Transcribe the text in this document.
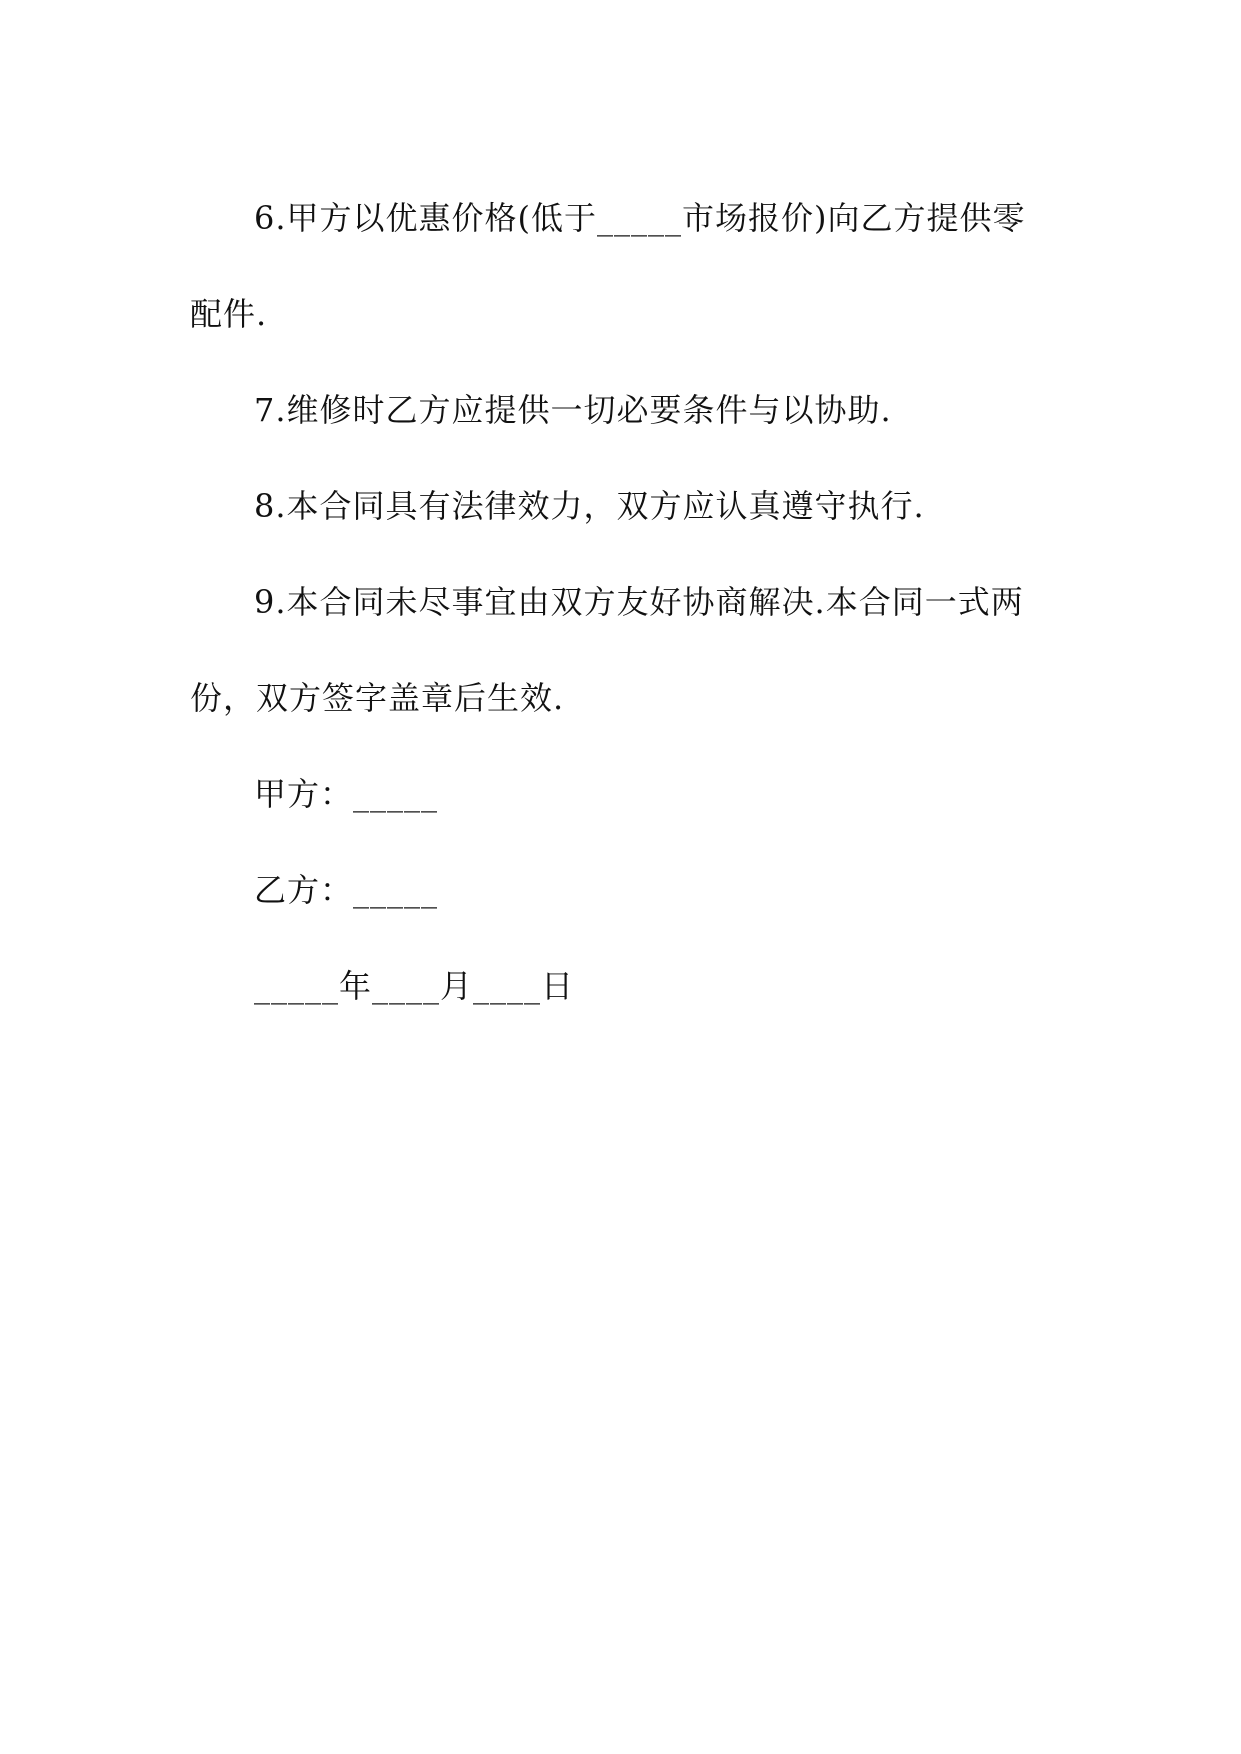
6.甲方以优惠价格(低于_____市场报价)向乙方提供零配件.

7.维修时乙方应提供一切必要条件与以协助.

8.本合同具有法律效力，双方应认真遵守执行.

9.本合同未尽事宜由双方友好协商解决.本合同一式两份，双方签字盖章后生效.

甲方：_____

乙方：_____

_____年____月____日
